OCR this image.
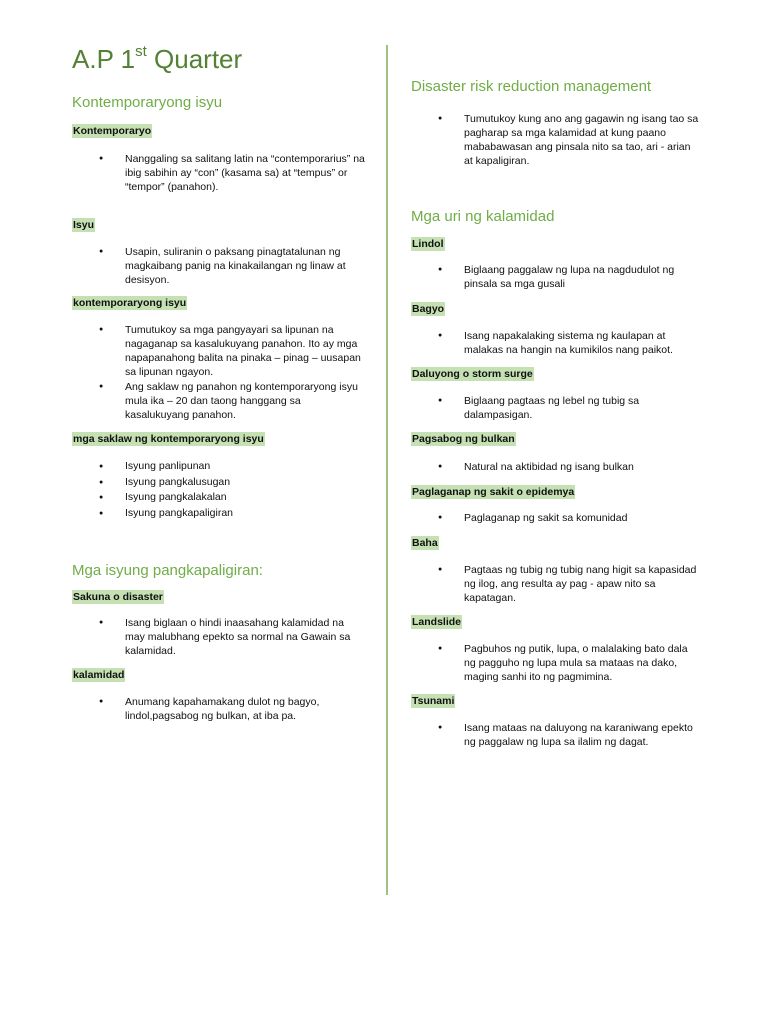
A.P 1st Quarter
Kontemporaryong isyu
Kontemporaryo
● Nanggaling sa salitang latin na “contemporarius” na ibig sabihin ay “con” (kasama sa) at “tempus” or “tempor” (panahon).
Isyu
● Usapin, suliranin o paksang pinagtatalunan ng magkaibang panig na kinakailangan ng linaw at desisyon.
kontemporaryong isyu
● Tumutukoy sa mga pangyayari sa lipunan na nagaganap sa kasalukuyang panahon. Ito ay mga napapanahong balita na pinaka – pinag – uusapan sa lipunan ngayon.
● Ang saklaw ng panahon ng kontemporaryong isyu mula ika – 20 dan taong hanggang sa kasalukuyang panahon.
mga saklaw ng kontemporaryong isyu
● Isyung panlipunan
● Isyung pangkalusugan
● Isyung pangkalakalan
● Isyung pangkapaligiran
Mga isyung pangkapaligiran:
Sakuna o disaster
● Isang biglaan o hindi inaasahang kalamidad na may malubhang epekto sa normal na Gawain sa kalamidad.
kalamidad
● Anumang kapahamakang dulot ng bagyo, lindol,pagsabog ng bulkan, at iba pa.
Disaster risk reduction management
● Tumutukoy kung ano ang gagawin ng isang tao sa pagharap sa mga kalamidad at kung paano mababawasan ang pinsala nito sa tao, ari - arian at kapaligiran.
Mga uri ng kalamidad
Lindol
● Biglaang paggalaw ng lupa na nagdudulot ng pinsala sa mga gusali
Bagyo
● Isang napakalaking sistema ng kaulapan at malakas na hangin na kumikilos nang paikot.
Daluyong o storm surge
● Biglaang pagtaas ng lebel ng tubig sa dalampasigan.
Pagsabog ng bulkan
● Natural na aktibidad ng isang bulkan
Paglaganap ng sakit o epidemya
● Paglaganap ng sakit sa komunidad
Baha
● Pagtaas ng tubig ng tubig nang higit sa kapasidad ng ilog, ang resulta ay pag - apaw nito sa kapatagan.
Landslide
● Pagbuhos ng putik, lupa, o malalaking bato dala ng pagguho ng lupa mula sa mataas na dako, maging sanhi ito ng pagmimina.
Tsunami
● Isang mataas na daluyong na karaniwang epekto ng paggalaw ng lupa sa ilalim ng dagat.
